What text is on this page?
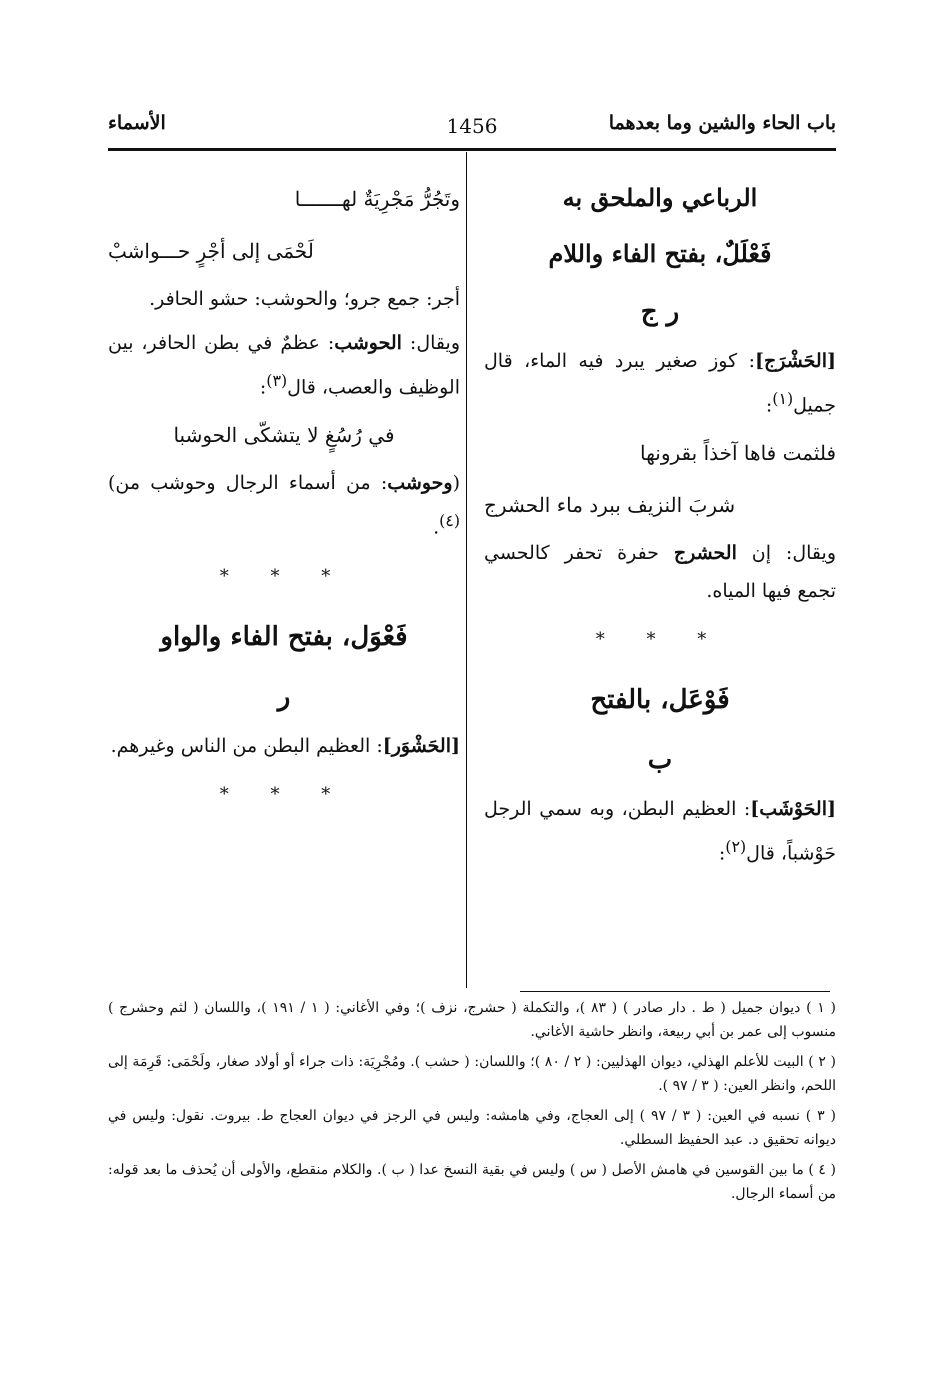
باب الحاء والشين وما بعدهما
1456
الأسماء

الرباعي والملحق به

فَعْلَلٌ، بفتح الفاء واللام

ر ج

[الحَشْرَج]: كوز صغير يبرد فيه الماء، قال جميل$^{(١)}$:

فلثمت فاها آخذاً بقرونها

شربَ النزيف ببرد ماء الحشرج

ويقال: إن الحشرج حفرة تحفر كالحسي تجمع فيها المياه.

* * *

فَوْعَل، بالفتح

ب

[الحَوْشَب]: العظيم البطن، وبه سمي الرجل حَوْشباً، قال$^{(٢)}$:

وتَجُرُّ مَجْرِيَةٌ لهـــــــا

لَحْمَى إلى أجْرٍ حـــواشبْ

أجر: جمع جرو؛ والحوشب: حشو الحافر.

ويقال: الحوشب: عظمٌ في بطن الحافر، بين الوظيف والعصب، قال$^{(٣)}$:

في رُسُغٍ لا يتشكّى الحوشبا

(وحوشب: من أسماء الرجال وحوشب من)$^{(٤)}$.

* * *

فَعْوَل، بفتح الفاء والواو

ر

[الحَشْوَر]: العظيم البطن من الناس وغيرهم.

* * *

( ١ ) ديوان جميل ( ط . دار صادر ) ( ٨٣ )، والتكملة ( حشرج، نزف )؛ وفي الأغاني: ( ١ / ١٩١ )، واللسان ( لثم وحشرج ) منسوب إلى عمر بن أبي ربيعة، وانظر حاشية الأغاني.

( ٢ ) البيت للأعلم الهذلي، ديوان الهذليين: ( ٢ / ٨٠ )؛ واللسان: ( حشب ). ومُجْرِيَة: ذات جراء أو أولاد صغار، ولَحْمَى: قَرِمَة إلى اللحم، وانظر العين: ( ٣ / ٩٧ ).

( ٣ ) نسبه في العين: ( ٣ / ٩٧ ) إلى العجاج، وفي هامشه: وليس في الرجز في ديوان العجاج ط. بيروت. نقول: وليس في ديوانه تحقيق د. عبد الحفيظ السطلي.

( ٤ ) ما بين القوسين في هامش الأصل ( س ) وليس في بقية النسخ عدا ( ب ). والكلام منقطع، والأولى أن يُحذف ما بعد قوله: من أسماء الرجال.
